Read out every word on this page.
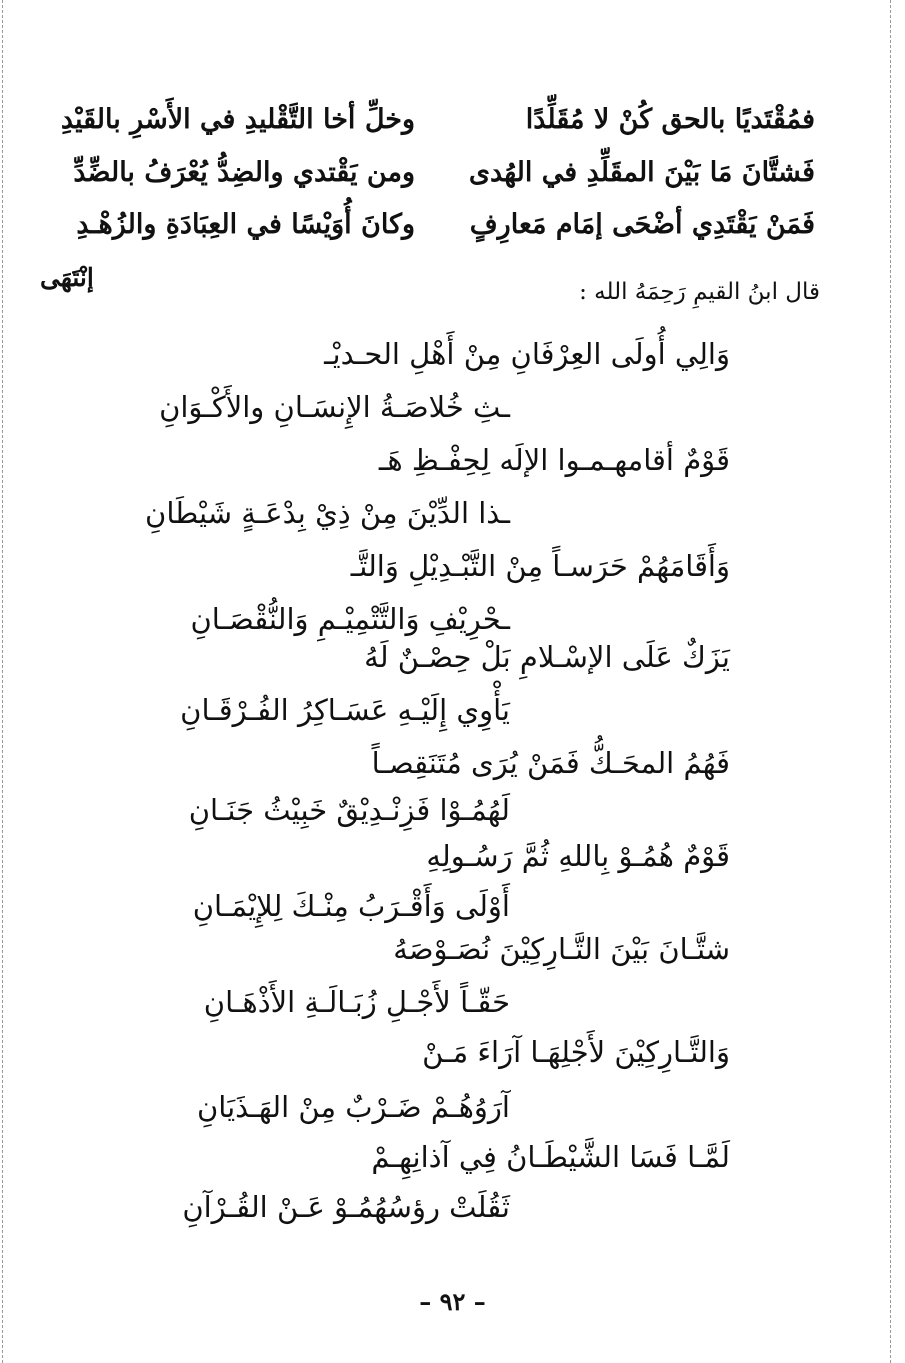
فمُقْتَديًا بالحق كُنْ لا مُقَلِّدًا
وخلِّ أخا التَّقْليدِ في الأَسْرِ بالقَيْدِ
فَشتَّانَ مَا بَيْنَ المقَلِّدِ في الهُدى
ومن يَقْتدي والضِدُّ يُعْرَفُ بالضِّدِّ
فَمَنْ يَقْتَدِي أضْحَى إمَام مَعارِفٍ
وكانَ أُوَيْسًا في العِبَادَةِ والزُهْـدِ
إنْتَهَى	قال ابنُ القيمِ رَحِمَهُ الله :
وَالِي أُولَى العِرْفَانِ مِنْ أَهْلِ الحـديْـ
ـثِ خُلاصَـةُ الإِنسَـانِ والأَكْـوَانِ
قَوْمٌ أقامهـمـوا الإلَه لِحِفْـظِ هَـ
ـذا الدِّيْنَ مِنْ ذِيْ بِدْعَـةٍ شَيْطَانِ
وَأَقَامَهُمْ حَرَسـاً مِنْ التَّبْـدِيْلِ وَالتَّـ
ـحْرِيْفِ وَالتَّتْمِيْـمِ وَالنُّقْصَـانِ
يَزَكٌ عَلَى الإسْـلامِ بَلْ حِصْـنٌ لَهُ
يَأْوِي إِلَيْـهِ عَسَـاكِرُ الفُـرْقَـانِ
فَهُمُ المحَـكُّ فَمَنْ يُرَى مُتَنَقِصـاً
لَهُمُـوْا فَزِنْـدِيْقٌ خَبِيْثُ جَنَـانِ
قَوْمٌ هُمُـوْ بِاللهِ ثُمَّ رَسُـولِهِ
أَوْلَى وَأَقْـرَبُ مِنْـكَ لِلإِيْمَـانِ
شتَّـانَ بَيْنَ التَّـارِكِيْنَ نُصَـوْصَهُ
حَقّـاً لأَجْـلِ زُبَـالَـةِ الأَذْهَـانِ
وَالتَّـارِكِيْنَ لأَجْلِهَـا آرَاءَ مَـنْ
آرَوُهُـمْ ضَـرْبٌ مِنْ الهَـذَيَانِ
لَمَّـا فَسَا الشَّيْطَـانُ فِي آذانِهِـمْ
ثَقُلَتْ رؤسُهُمُـوْ عَـنْ القُـرْآنِ
– ٩٢ –
